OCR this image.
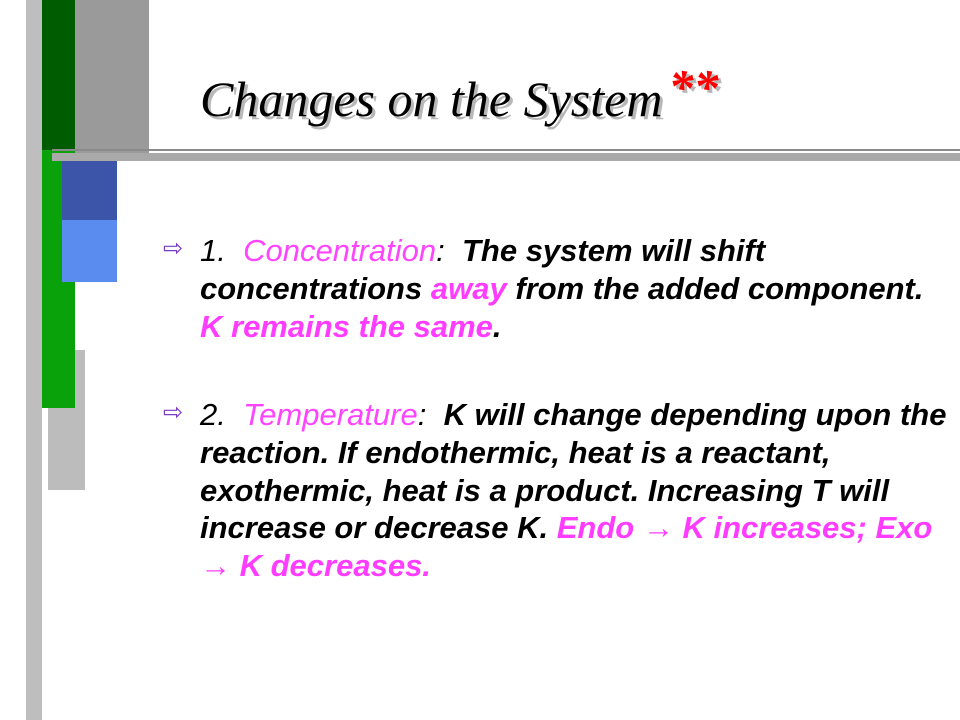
Changes on the System **
⇨ 1. Concentration: The system will shift concentrations away from the added component. K remains the same.
⇨ 2. Temperature: K will change depending upon the reaction. If endothermic, heat is a reactant, exothermic, heat is a product. Increasing T will increase or decrease K. Endo → K increases; Exo → K decreases.
